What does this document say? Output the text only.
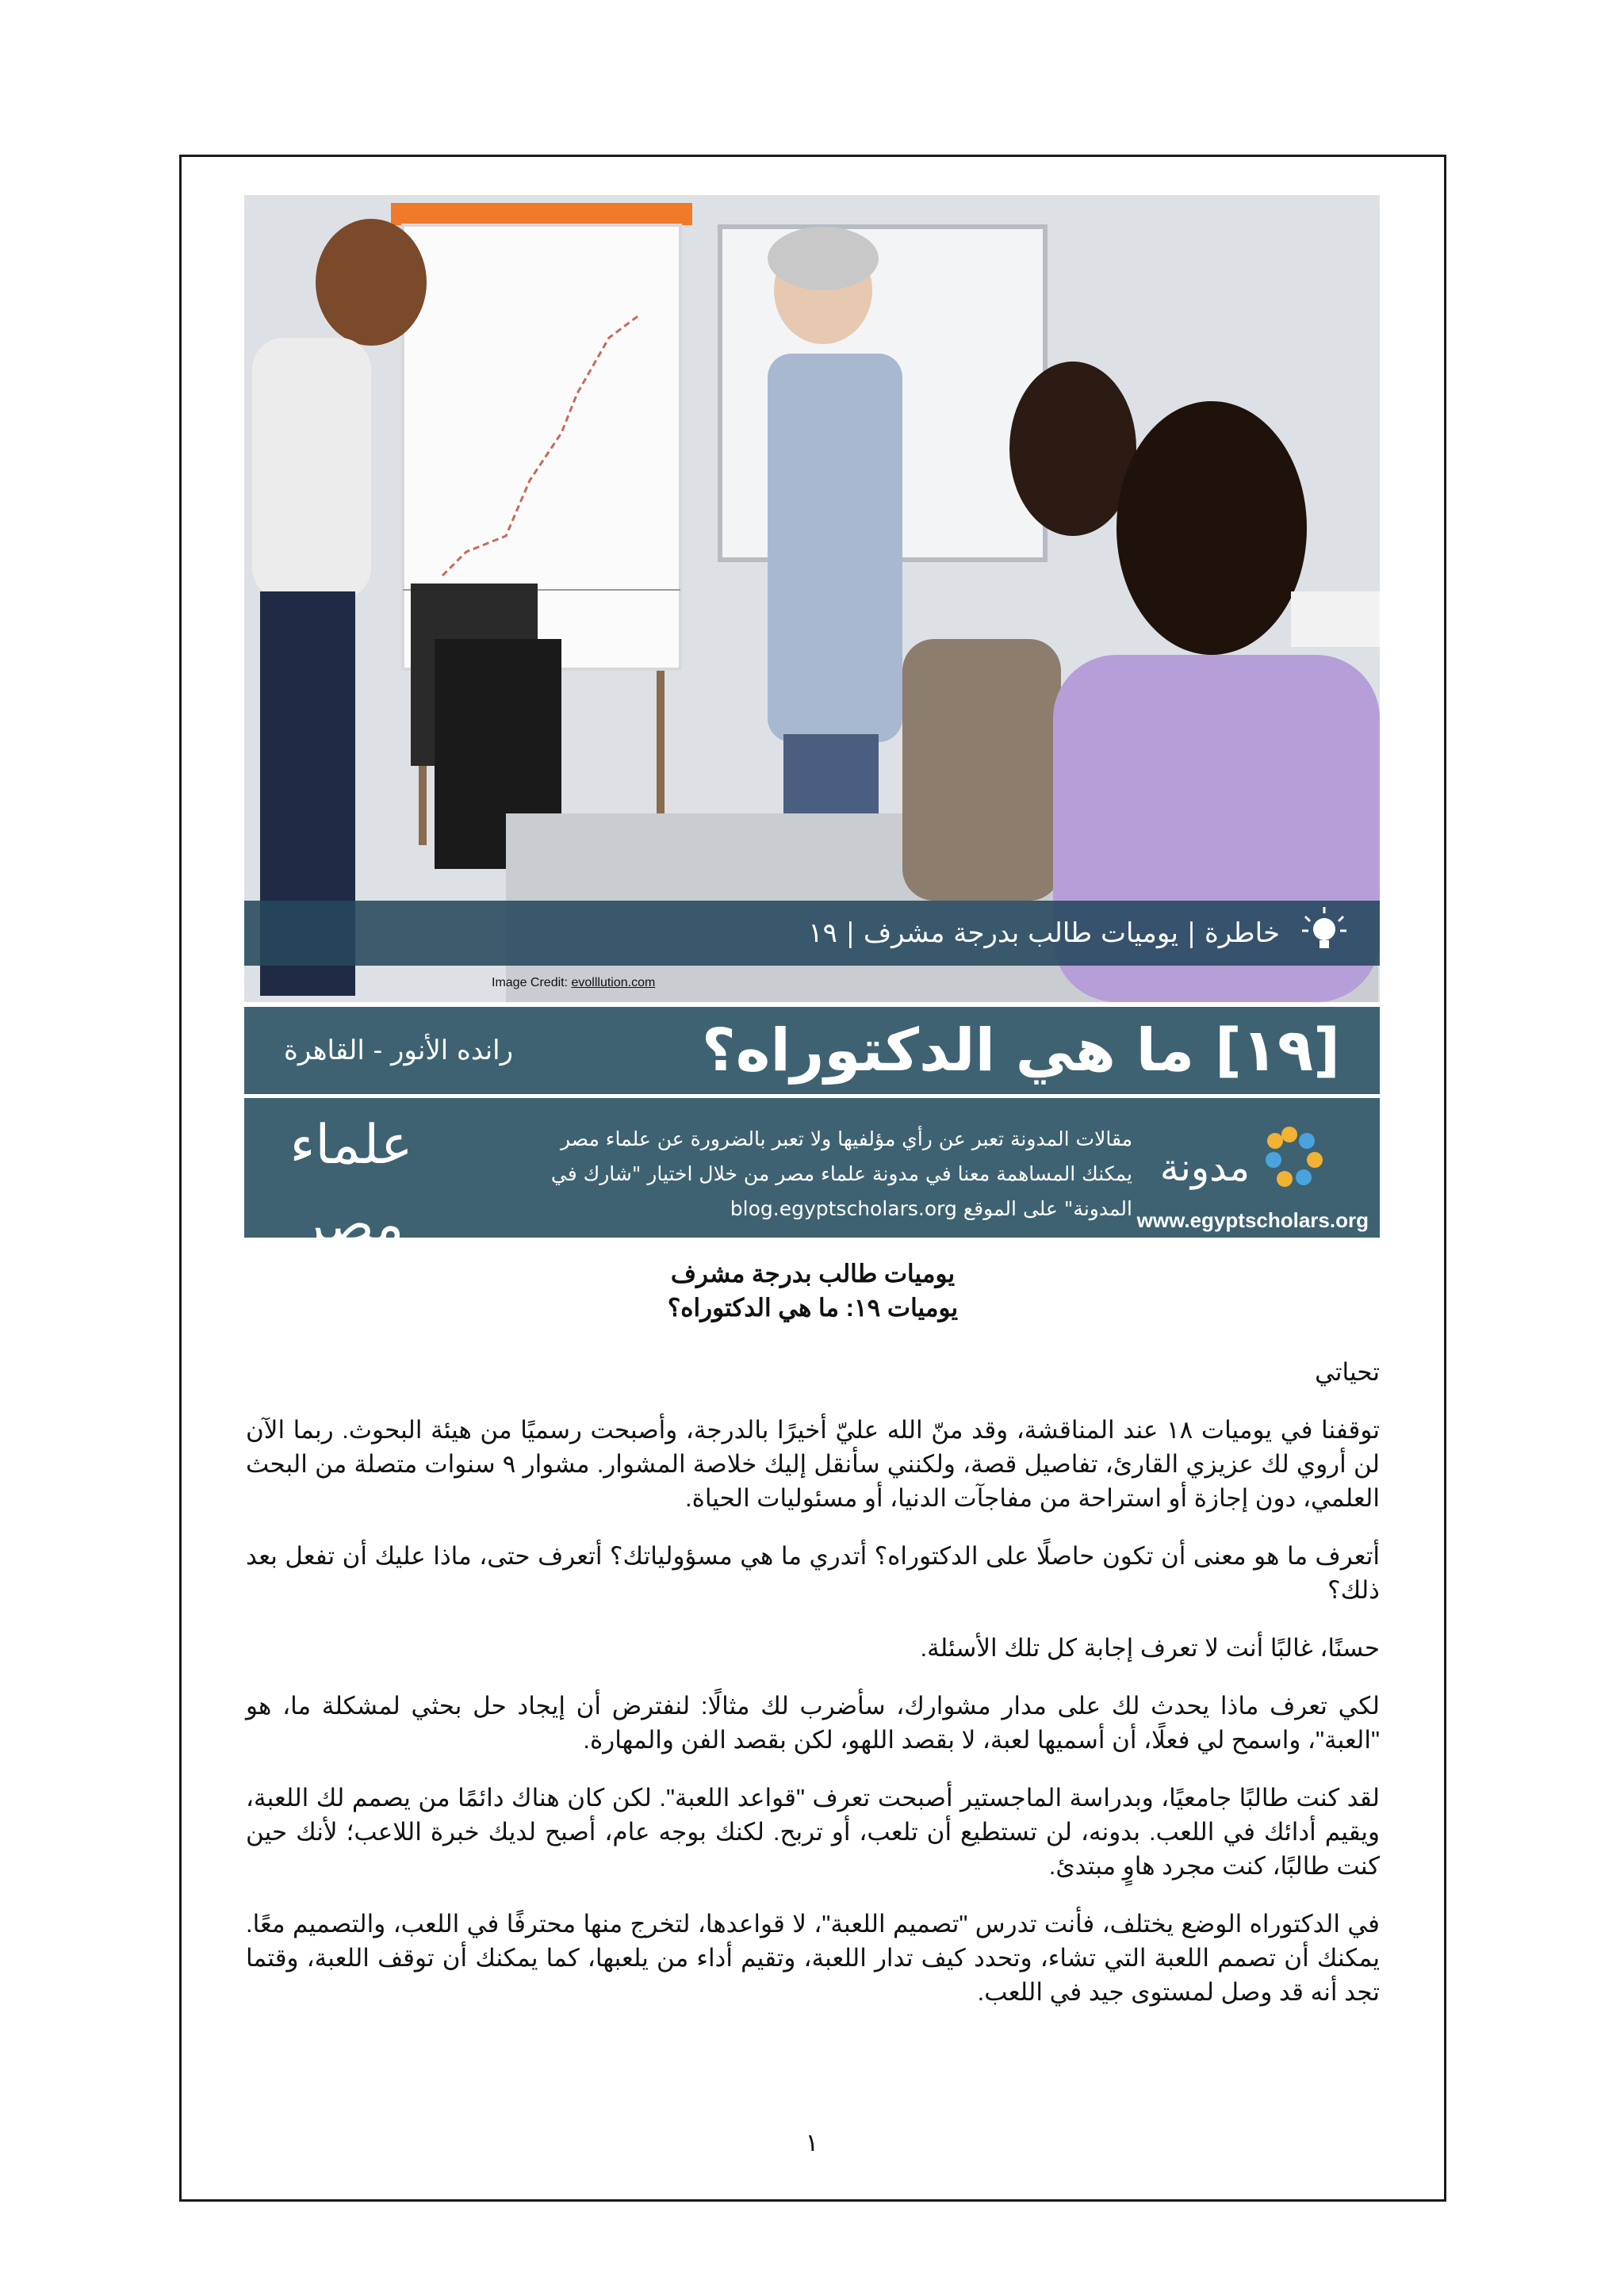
خاطرة | يوميات طالب بدرجة مشرف | ١٩
Image Credit: evolllution.com
[١٩] ما هي الدكتوراه؟
رانده الأنور - القاهرة
علماء مصر
لأن كل عقل يفرق
مقالات المدونة تعبر عن رأي مؤلفيها ولا تعبر بالضرورة عن علماء مصر
يمكنك المساهمة معنا في مدونة علماء مصر من خلال اختيار "شارك في
المدونة" على الموقع blog.egyptscholars.org
مدونة
www.egyptscholars.org

يوميات طالب بدرجة مشرف

يوميات ١٩: ما هي الدكتوراه؟

تحياتي

توقفنا في يوميات ١٨ عند المناقشة، وقد منّ الله عليّ أخيرًا بالدرجة، وأصبحت رسميًا من هيئة البحوث. ربما الآن لن أروي لك عزيزي القارئ، تفاصيل قصة، ولكنني سأنقل إليك خلاصة المشوار. مشوار ٩ سنوات متصلة من البحث العلمي، دون إجازة أو استراحة من مفاجآت الدنيا، أو مسئوليات الحياة.

أتعرف ما هو معنى أن تكون حاصلًا على الدكتوراه؟ أتدري ما هي مسؤولياتك؟ أتعرف حتى، ماذا عليك أن تفعل بعد ذلك؟

حسنًا، غالبًا أنت لا تعرف إجابة كل تلك الأسئلة.

لكي تعرف ماذا يحدث لك على مدار مشوارك، سأضرب لك مثالًا: لنفترض أن إيجاد حل بحثي لمشكلة ما، هو "العبة"، واسمح لي فعلًا، أن أسميها لعبة، لا بقصد اللهو، لكن بقصد الفن والمهارة.

لقد كنت طالبًا جامعيًا، وبدراسة الماجستير أصبحت تعرف "قواعد اللعبة". لكن كان هناك دائمًا من يصمم لك اللعبة، ويقيم أدائك في اللعب. بدونه، لن تستطيع أن تلعب، أو تربح. لكنك بوجه عام، أصبح لديك خبرة اللاعب؛ لأنك حين كنت طالبًا، كنت مجرد هاوٍ مبتدئ.

في الدكتوراه الوضع يختلف، فأنت تدرس "تصميم اللعبة"، لا قواعدها، لتخرج منها محترفًا في اللعب، والتصميم معًا. يمكنك أن تصمم اللعبة التي تشاء، وتحدد كيف تدار اللعبة، وتقيم أداء من يلعبها، كما يمكنك أن توقف اللعبة، وقتما تجد أنه قد وصل لمستوى جيد في اللعب.

١
